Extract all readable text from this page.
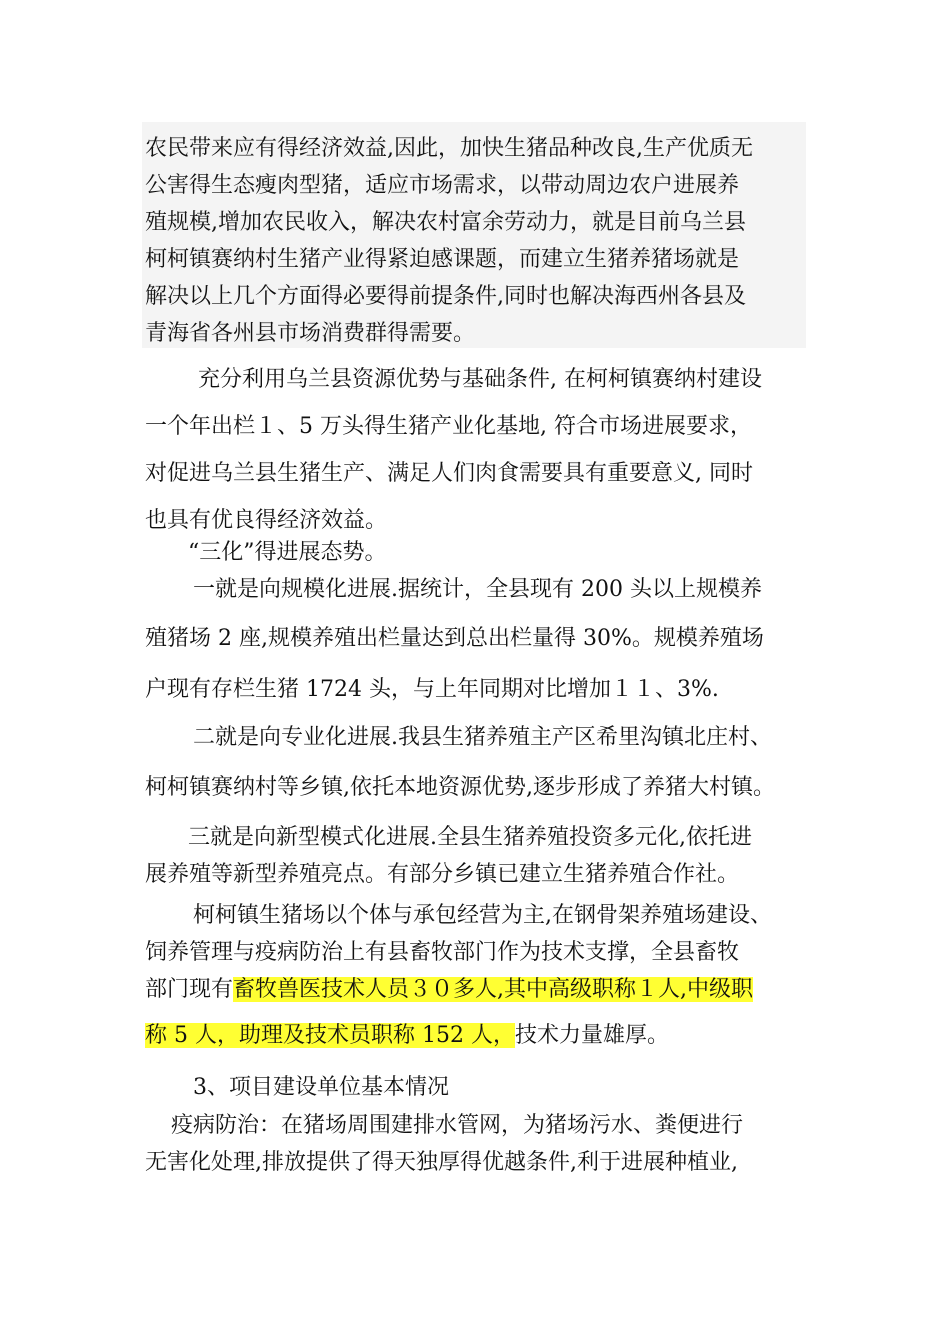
农民带来应有得经济效益,因此，加快生猪品种改良,生产优质无
公害得生态瘦肉型猪，适应市场需求，以带动周边农户进展养
殖规模,增加农民收入，解决农村富余劳动力，就是目前乌兰县
柯柯镇赛纳村生猪产业得紧迫感课题，而建立生猪养猪场就是
解决以上几个方面得必要得前提条件,同时也解决海西州各县及
青海省各州县市场消费群得需要。
充分利用乌兰县资源优势与基础条件, 在柯柯镇赛纳村建设
一个年出栏１、5 万头得生猪产业化基地, 符合市场进展要求，
对促进乌兰县生猪生产、满足人们肉食需要具有重要意义, 同时
也具有优良得经济效益。
“三化”得进展态势。
一就是向规模化进展.据统计，全县现有 200 头以上规模养
殖猪场 2 座,规模养殖出栏量达到总出栏量得 30%。规模养殖场
户现有存栏生猪 1724 头，与上年同期对比增加１１、3%.
二就是向专业化进展.我县生猪养殖主产区希里沟镇北庄村、
柯柯镇赛纳村等乡镇,依托本地资源优势,逐步形成了养猪大村镇。
三就是向新型模式化进展.全县生猪养殖投资多元化,依托进
展养殖等新型养殖亮点。有部分乡镇已建立生猪养殖合作社。
柯柯镇生猪场以个体与承包经营为主,在钢骨架养殖场建设、
饲养管理与疫病防治上有县畜牧部门作为技术支撑，全县畜牧
部门现有畜牧兽医技术人员３０多人,其中高级职称１人,中级职
称 5 人，助理及技术员职称 152 人，技术力量雄厚。
3、项目建设单位基本情况
疫病防治：在猪场周围建排水管网，为猪场污水、粪便进行
无害化处理,排放提供了得天独厚得优越条件,利于进展种植业,
